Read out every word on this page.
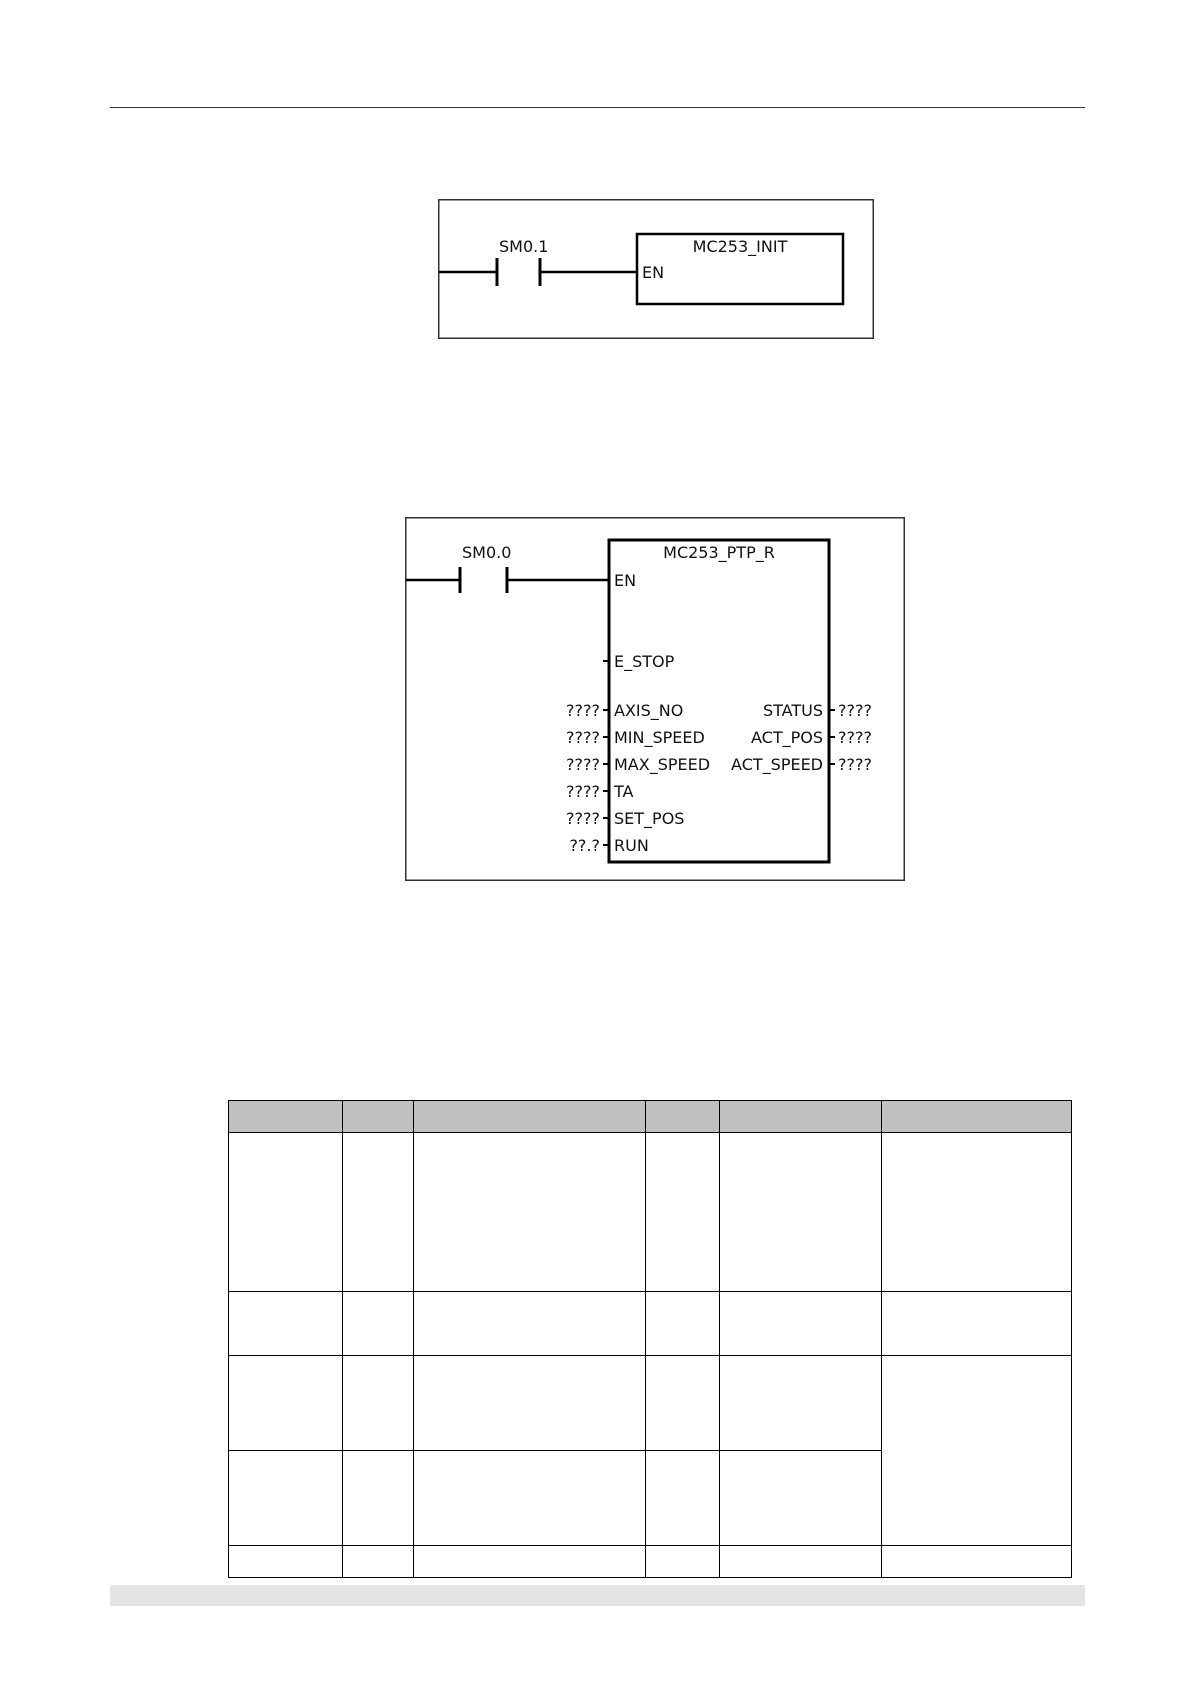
SM0.1	MC253_INIT
EN
SM0.0	MC253_PTP_R
EN
E_STOP
???? AXIS_NO
???? MIN_SPEED
???? MAX_SPEED
???? TA
???? SET_POS
??.? RUN
STATUS ????
ACT_POS ????
ACT_SPEED ????
